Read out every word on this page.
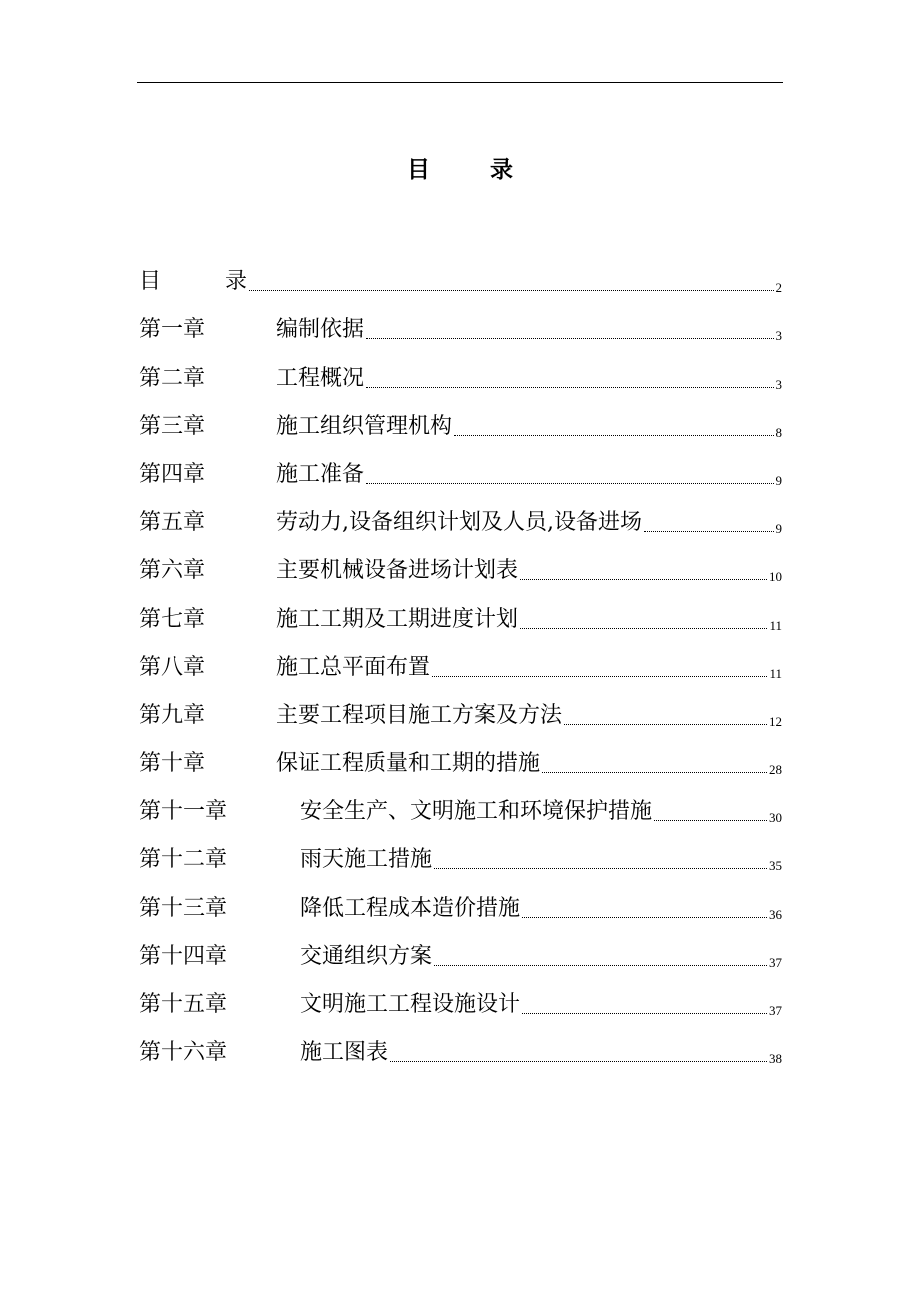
目	录
目	录	2
第一章	编制依据	3
第二章	工程概况	3
第三章	施工组织管理机构	8
第四章	施工准备	9
第五章	劳动力,设备组织计划及人员,设备进场	9
第六章	主要机械设备进场计划表	10
第七章	施工工期及工期进度计划	11
第八章	施工总平面布置	11
第九章	主要工程项目施工方案及方法	12
第十章	保证工程质量和工期的措施	28
第十一章	安全生产、文明施工和环境保护措施	30
第十二章	雨天施工措施	35
第十三章	降低工程成本造价措施	36
第十四章	交通组织方案	37
第十五章	文明施工工程设施设计	37
第十六章	施工图表	38
